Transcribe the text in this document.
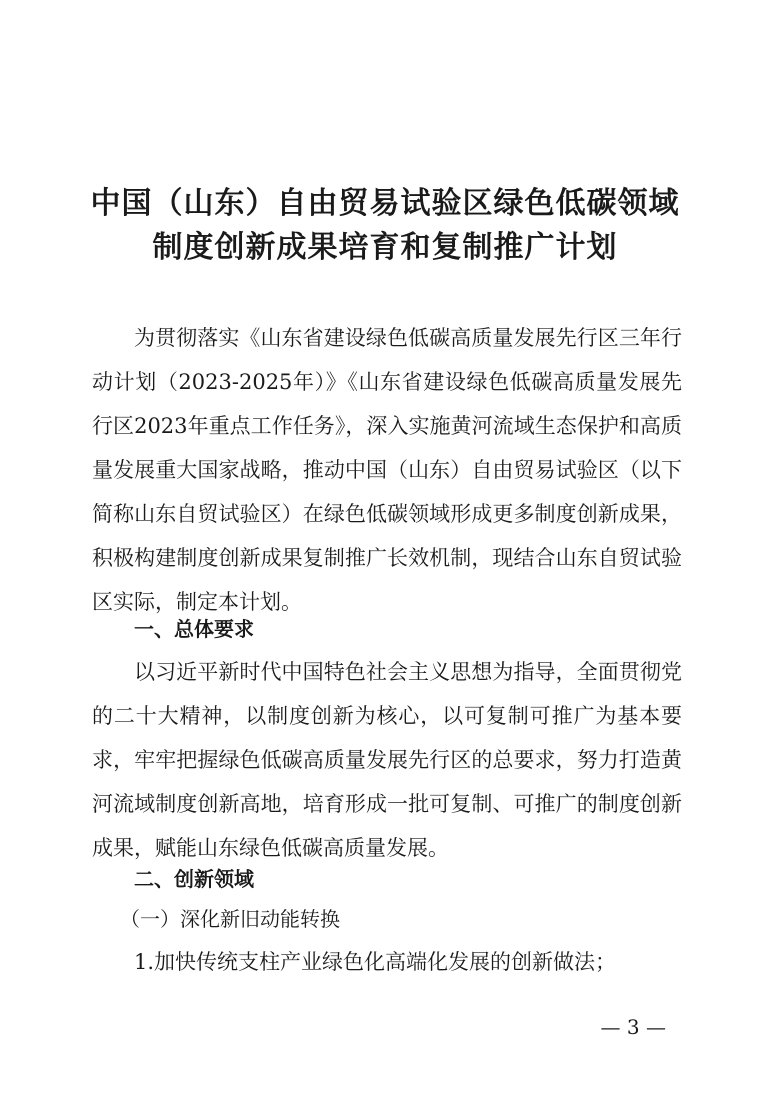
中国（山东）自由贸易试验区绿色低碳领域
制度创新成果培育和复制推广计划

为贯彻落实《山东省建设绿色低碳高质量发展先行区三年行动计划（2023-2025年）》《山东省建设绿色低碳高质量发展先行区2023年重点工作任务》，深入实施黄河流域生态保护和高质量发展重大国家战略，推动中国（山东）自由贸易试验区（以下简称山东自贸试验区）在绿色低碳领域形成更多制度创新成果，积极构建制度创新成果复制推广长效机制，现结合山东自贸试验区实际，制定本计划。

一、总体要求

以习近平新时代中国特色社会主义思想为指导，全面贯彻党的二十大精神，以制度创新为核心，以可复制可推广为基本要求，牢牢把握绿色低碳高质量发展先行区的总要求，努力打造黄河流域制度创新高地，培育形成一批可复制、可推广的制度创新成果，赋能山东绿色低碳高质量发展。

二、创新领域
（一）深化新旧动能转换
1.加快传统支柱产业绿色化高端化发展的创新做法；
— 3 —
